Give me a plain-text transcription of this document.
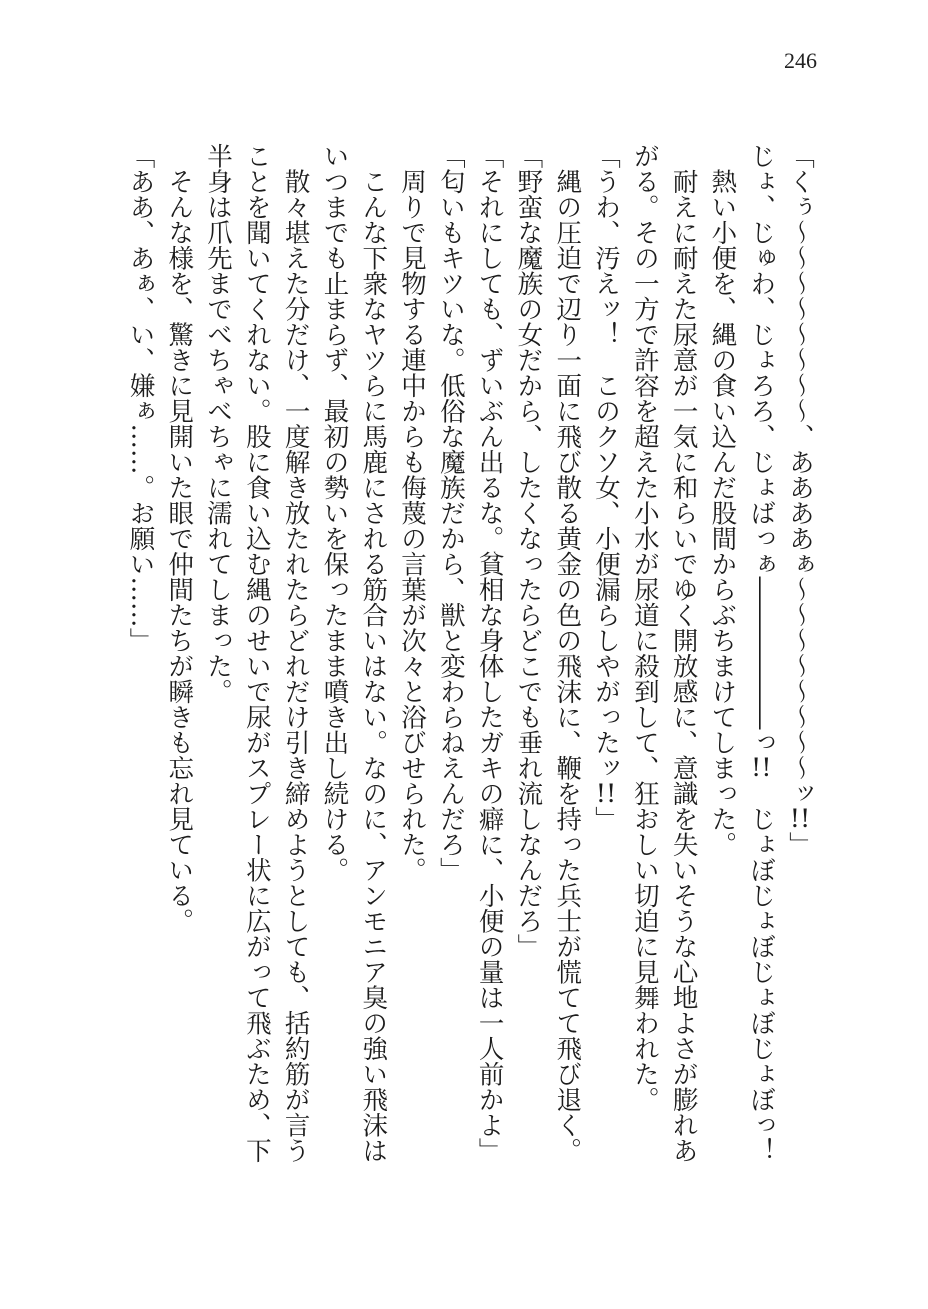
246
「くぅ〜〜〜〜〜〜〜〜、ああああぁ〜〜〜〜〜〜〜〜ッ!!」
じょ、じゅわ、じょろろ、じょばっぁ――――――っ!!　じょぼじょぼじょぼじょぼっ！
　熱い小便を、縄の食い込んだ股間からぶちまけてしまった。
　耐えに耐えた尿意が一気に和らいでゆく開放感に、意識を失いそうな心地よさが膨れあ
がる。その一方で許容を超えた小水が尿道に殺到して、狂おしい切迫に見舞われた。
「うわ、汚えッ！　このクソ女、小便漏らしやがったッ!!」
　縄の圧迫で辺り一面に飛び散る黄金の色の飛沫に、鞭を持った兵士が慌てて飛び退く。
「野蛮な魔族の女だから、したくなったらどこでも垂れ流しなんだろ」
「それにしても、ずいぶん出るな。貧相な身体したガキの癖に、小便の量は一人前かよ」
「匂いもキツいな。低俗な魔族だから、獣と変わらねえんだろ」
　周りで見物する連中からも侮蔑の言葉が次々と浴びせられた。
　こんな下衆なヤツらに馬鹿にされる筋合いはない。なのに、アンモニア臭の強い飛沫は
いつまでも止まらず、最初の勢いを保ったまま噴き出し続ける。
　散々堪えた分だけ、一度解き放たれたらどれだけ引き締めようとしても、括約筋が言う
ことを聞いてくれない。股に食い込む縄のせいで尿がスプレー状に広がって飛ぶため、下
半身は爪先までべちゃべちゃに濡れてしまった。
　そんな様を、驚きに見開いた眼で仲間たちが瞬きも忘れ見ている。
「ああ、あぁ、い、嫌ぁ……。お願い……」
